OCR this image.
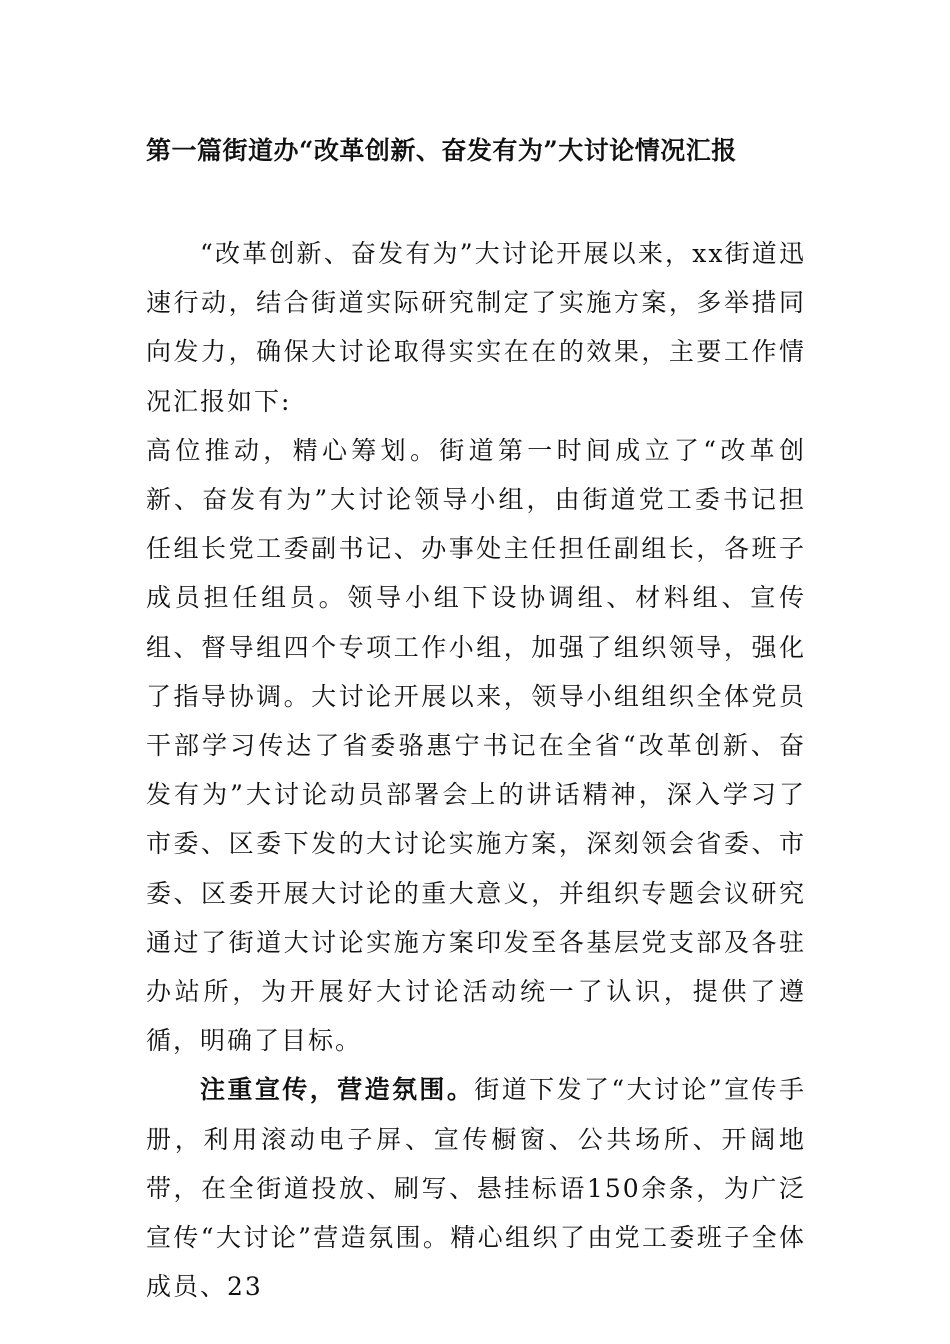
第一篇街道办“改革创新、奋发有为”大讨论情况汇报

“改革创新、奋发有为”大讨论开展以来，xx街道迅速行动，结合街道实际研究制定了实施方案，多举措同向发力，确保大讨论取得实实在在的效果，主要工作情况汇报如下:

高位推动，精心筹划。街道第一时间成立了“改革创新、奋发有为”大讨论领导小组，由街道党工委书记担任组长党工委副书记、办事处主任担任副组长，各班子成员担任组员。领导小组下设协调组、材料组、宣传组、督导组四个专项工作小组，加强了组织领导，强化了指导协调。大讨论开展以来，领导小组组织全体党员干部学习传达了省委骆惠宁书记在全省“改革创新、奋发有为”大讨论动员部署会上的讲话精神，深入学习了市委、区委下发的大讨论实施方案，深刻领会省委、市委、区委开展大讨论的重大意义，并组织专题会议研究通过了街道大讨论实施方案印发至各基层党支部及各驻办站所，为开展好大讨论活动统一了认识，提供了遵循，明确了目标。

注重宣传，营造氛围。街道下发了“大讨论”宣传手册，利用滚动电子屏、宣传橱窗、公共场所、开阔地带，在全街道投放、刷写、悬挂标语150余条，为广泛宣传“大讨论”营造氛围。精心组织了由党工委班子全体成员、23
